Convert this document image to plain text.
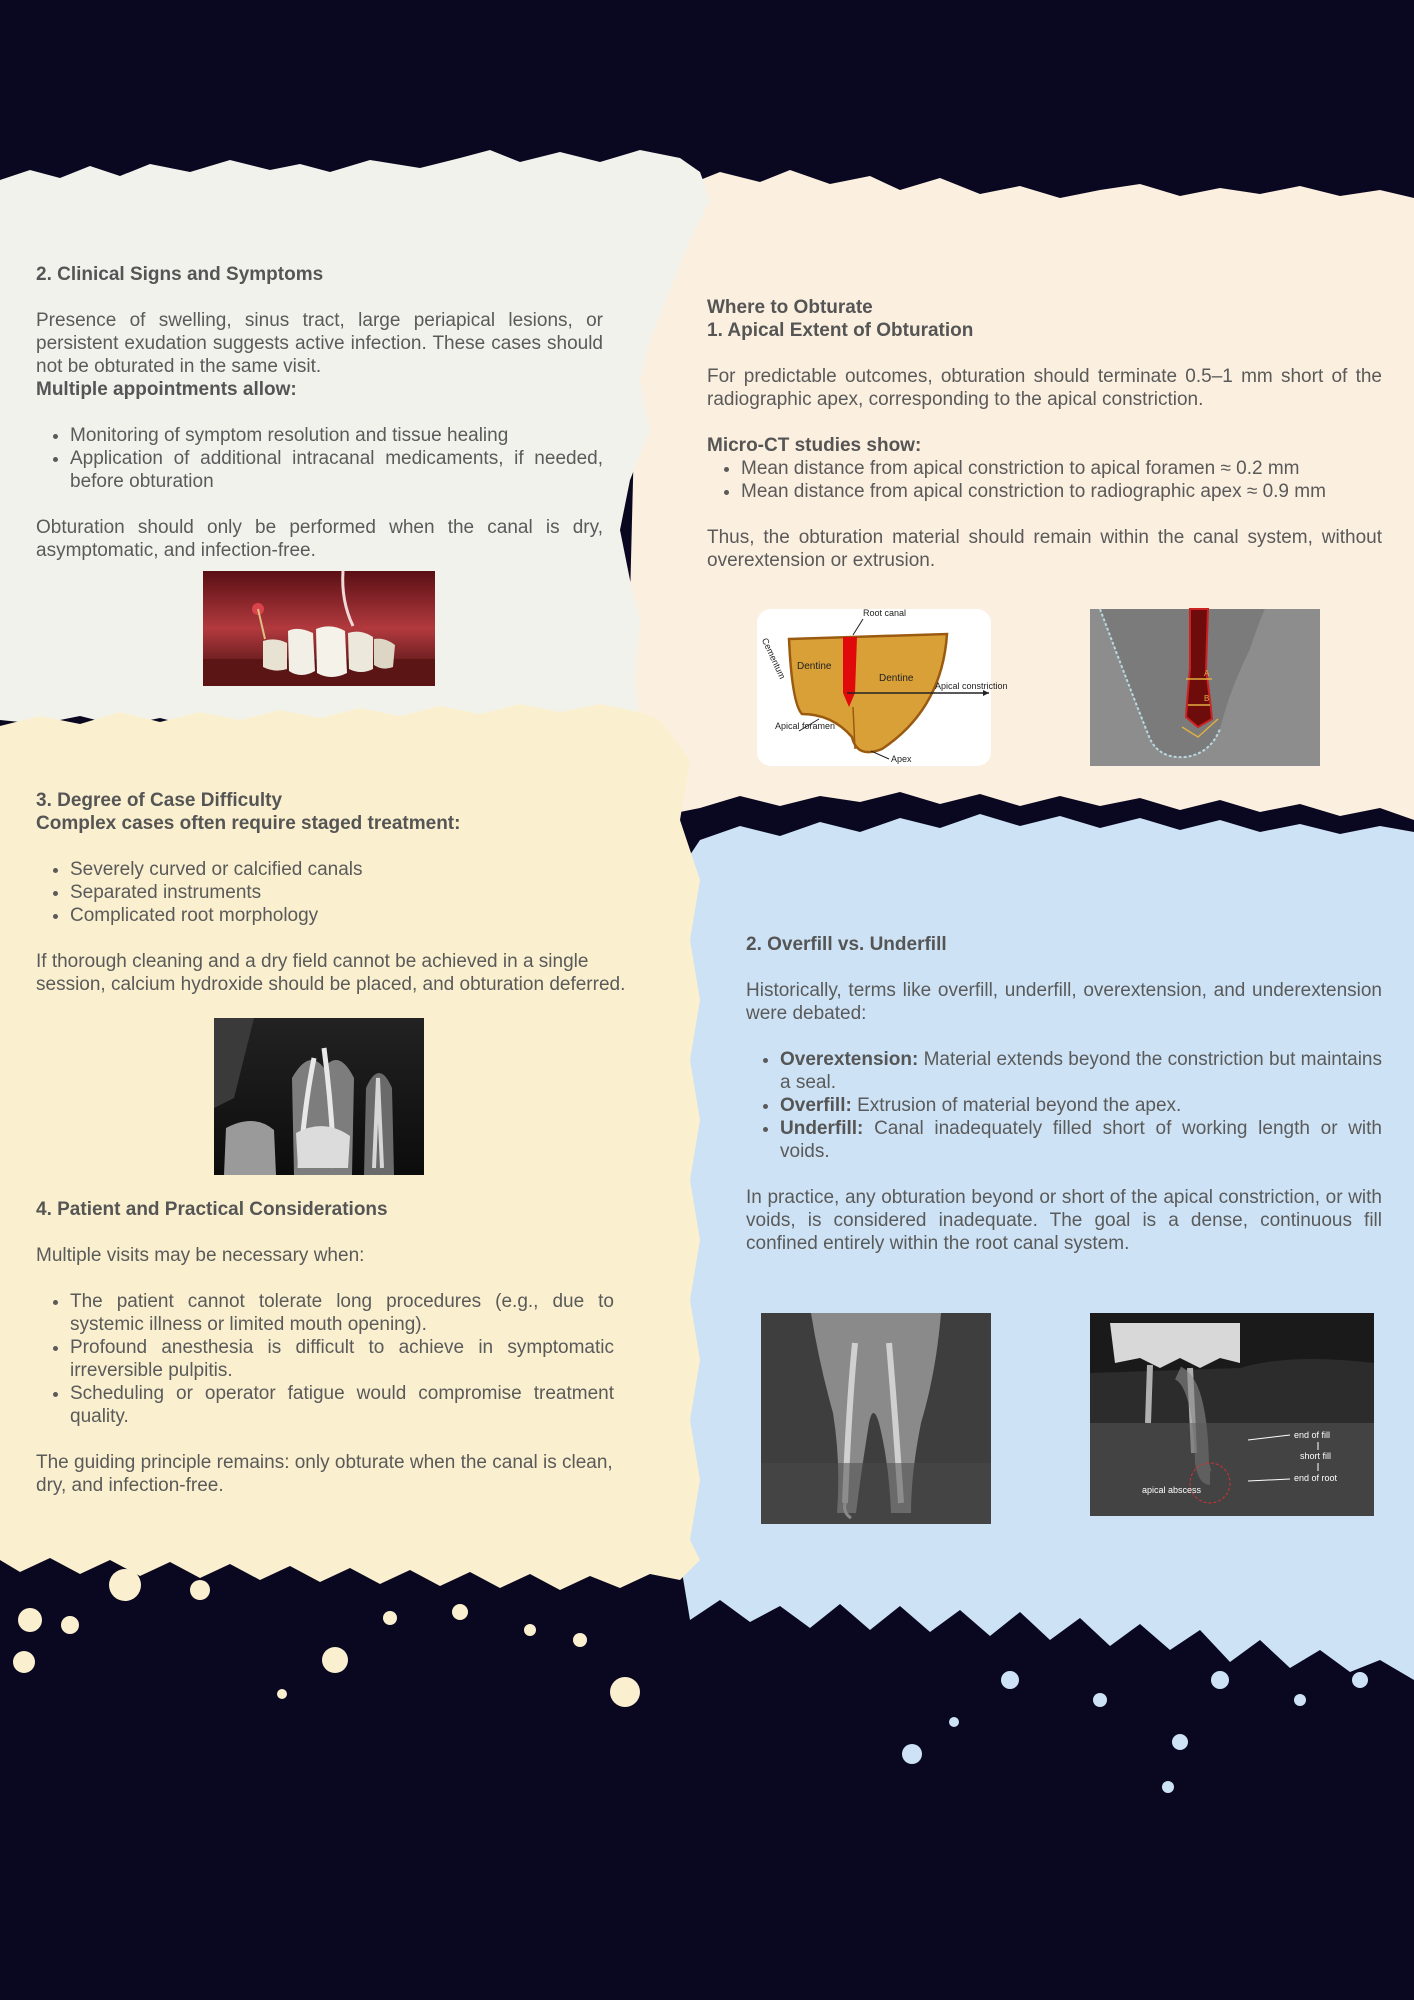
2. Clinical Signs and Symptoms

Presence of swelling, sinus tract, large periapical lesions, or persistent exudation suggests active infection. These cases should not be obturated in the same visit.

Multiple appointments allow:

• Monitoring of symptom resolution and tissue healing
• Application of additional intracanal medicaments, if needed, before obturation

Obturation should only be performed when the canal is dry, asymptomatic, and infection-free.

3. Degree of Case Difficulty

Complex cases often require staged treatment:

• Severely curved or calcified canals
• Separated instruments
• Complicated root morphology

If thorough cleaning and a dry field cannot be achieved in a single session, calcium hydroxide should be placed, and obturation deferred.

4. Patient and Practical Considerations

Multiple visits may be necessary when:

• The patient cannot tolerate long procedures (e.g., due to systemic illness or limited mouth opening).
• Profound anesthesia is difficult to achieve in symptomatic irreversible pulpitis.
• Scheduling or operator fatigue would compromise treatment quality.

The guiding principle remains: only obturate when the canal is clean, dry, and infection-free.

Where to Obturate
1. Apical Extent of Obturation

For predictable outcomes, obturation should terminate 0.5–1 mm short of the radiographic apex, corresponding to the apical constriction.

Micro-CT studies show:

• Mean distance from apical constriction to apical foramen ≈ 0.2 mm
• Mean distance from apical constriction to radiographic apex ≈ 0.9 mm

Thus, the obturation material should remain within the canal system, without overextension or extrusion.

Dentine
Dentine
Root canal
Cementum
Apical constriction
Apical foramen
Apex
A
B
2. Overfill vs. Underfill

Historically, terms like overfill, underfill, overextension, and underextension were debated:

• Overextension: Material extends beyond the constriction but maintains a seal.
• Overfill: Extrusion of material beyond the apex.
• Underfill: Canal inadequately filled short of working length or with voids.

In practice, any obturation beyond or short of the apical constriction, or with voids, is considered inadequate. The goal is a dense, continuous fill confined entirely within the root canal system.

end of fill
short fill
end of root
apical abscess
